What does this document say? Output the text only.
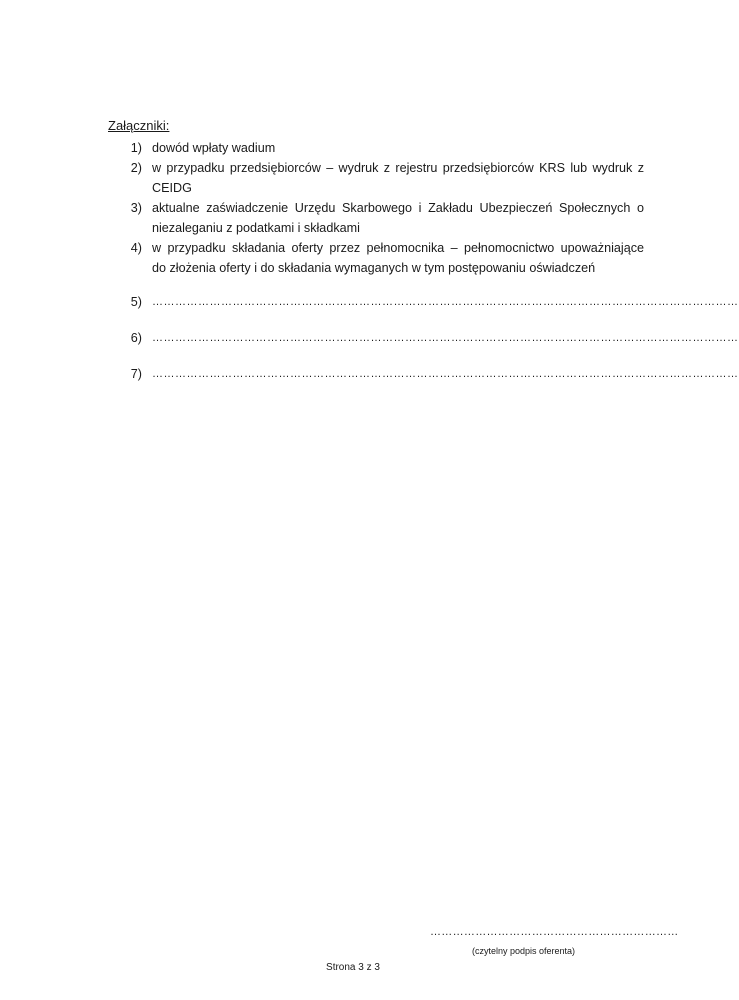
Załączniki:
1) dowód wpłaty wadium
2) w przypadku przedsiębiorców – wydruk z rejestru przedsiębiorców KRS lub wydruk z
CEIDG
3) aktualne zaświadczenie Urzędu Skarbowego i Zakładu Ubezpieczeń Społecznych o
niezaleganiu z podatkami i składkami
4) w przypadku składania oferty przez pełnomocnika – pełnomocnictwo upoważniające
do złożenia oferty i do składania wymaganych w tym postępowaniu oświadczeń
5) ………………………………………………………………………………………………………………………………………
6) ………………………………………………………………………………………………………………………………………
7) ………………………………………………………………………………………………………………………………………
…………………………………………………………
(czytelny podpis oferenta)
Strona 3 z 3
